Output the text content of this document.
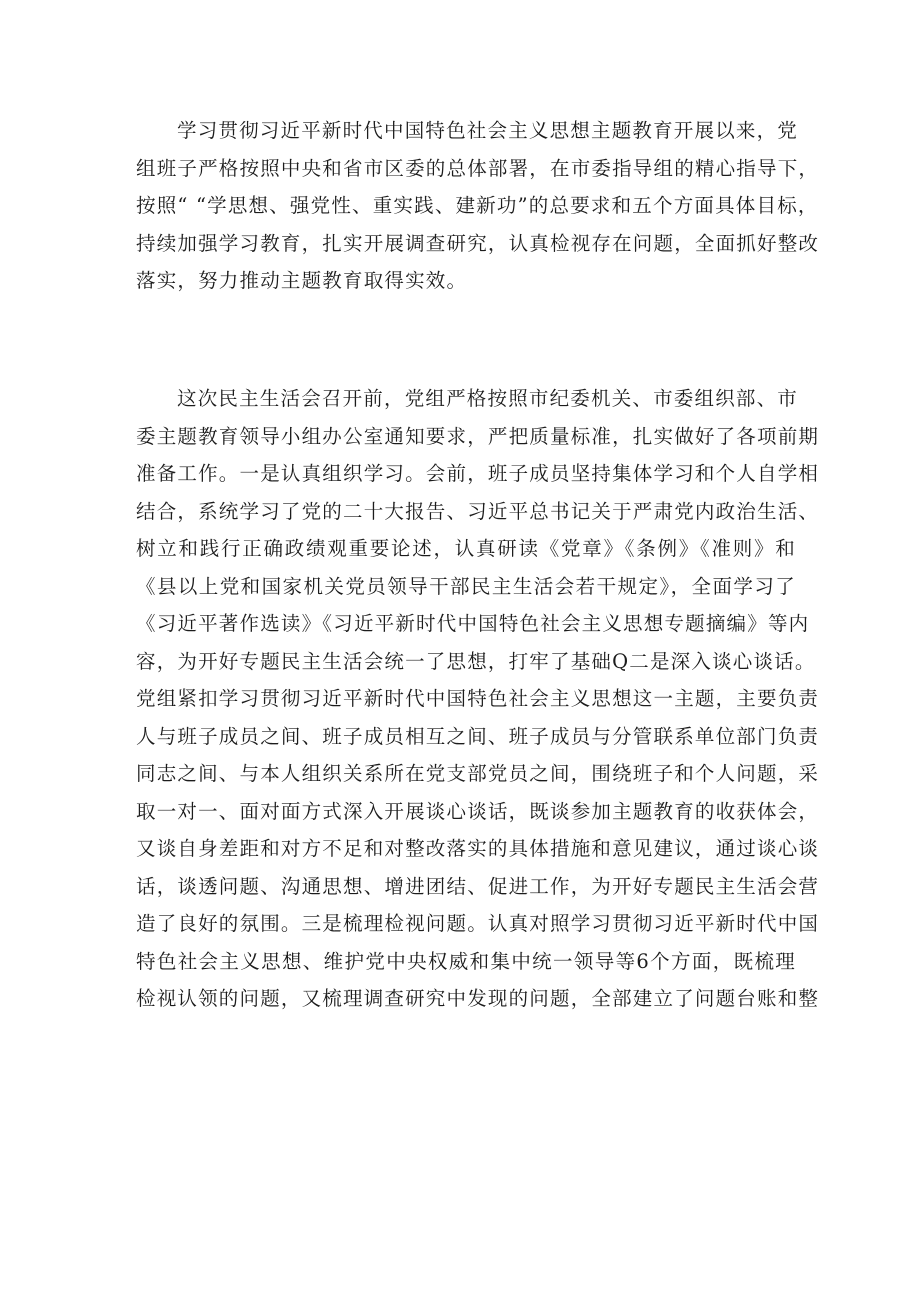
学习贯彻习近平新时代中国特色社会主义思想主题教育开展以来，党
组班子严格按照中央和省市区委的总体部署，在市委指导组的精心指导下，
按照“ “学思想、强党性、重实践、建新功”的总要求和五个方面具体目标，
持续加强学习教育，扎实开展调查研究，认真检视存在问题，全面抓好整改
落实，努力推动主题教育取得实效。
这次民主生活会召开前，党组严格按照市纪委机关、市委组织部、市
委主题教育领导小组办公室通知要求，严把质量标准，扎实做好了各项前期
准备工作。一是认真组织学习。会前，班子成员坚持集体学习和个人自学相
结合，系统学习了党的二十大报告、习近平总书记关于严肃党内政治生活、
树立和践行正确政绩观重要论述，认真研读《党章》《条例》《准则》和
《县以上党和国家机关党员领导干部民主生活会若干规定》，全面学习了
《习近平著作选读》《习近平新时代中国特色社会主义思想专题摘编》等内
容，为开好专题民主生活会统一了思想，打牢了基础Q二是深入谈心谈话。
党组紧扣学习贯彻习近平新时代中国特色社会主义思想这一主题，主要负责
人与班子成员之间、班子成员相互之间、班子成员与分管联系单位部门负责
同志之间、与本人组织关系所在党支部党员之间，围绕班子和个人问题，采
取一对一、面对面方式深入开展谈心谈话，既谈参加主题教育的收获体会，
又谈自身差距和对方不足和对整改落实的具体措施和意见建议，通过谈心谈
话，谈透问题、沟通思想、增进团结、促进工作，为开好专题民主生活会营
造了良好的氛围。三是梳理检视问题。认真对照学习贯彻习近平新时代中国
特色社会主义思想、维护党中央权威和集中统一领导等6个方面，既梳理
检视认领的问题，又梳理调查研究中发现的问题，全部建立了问题台账和整
